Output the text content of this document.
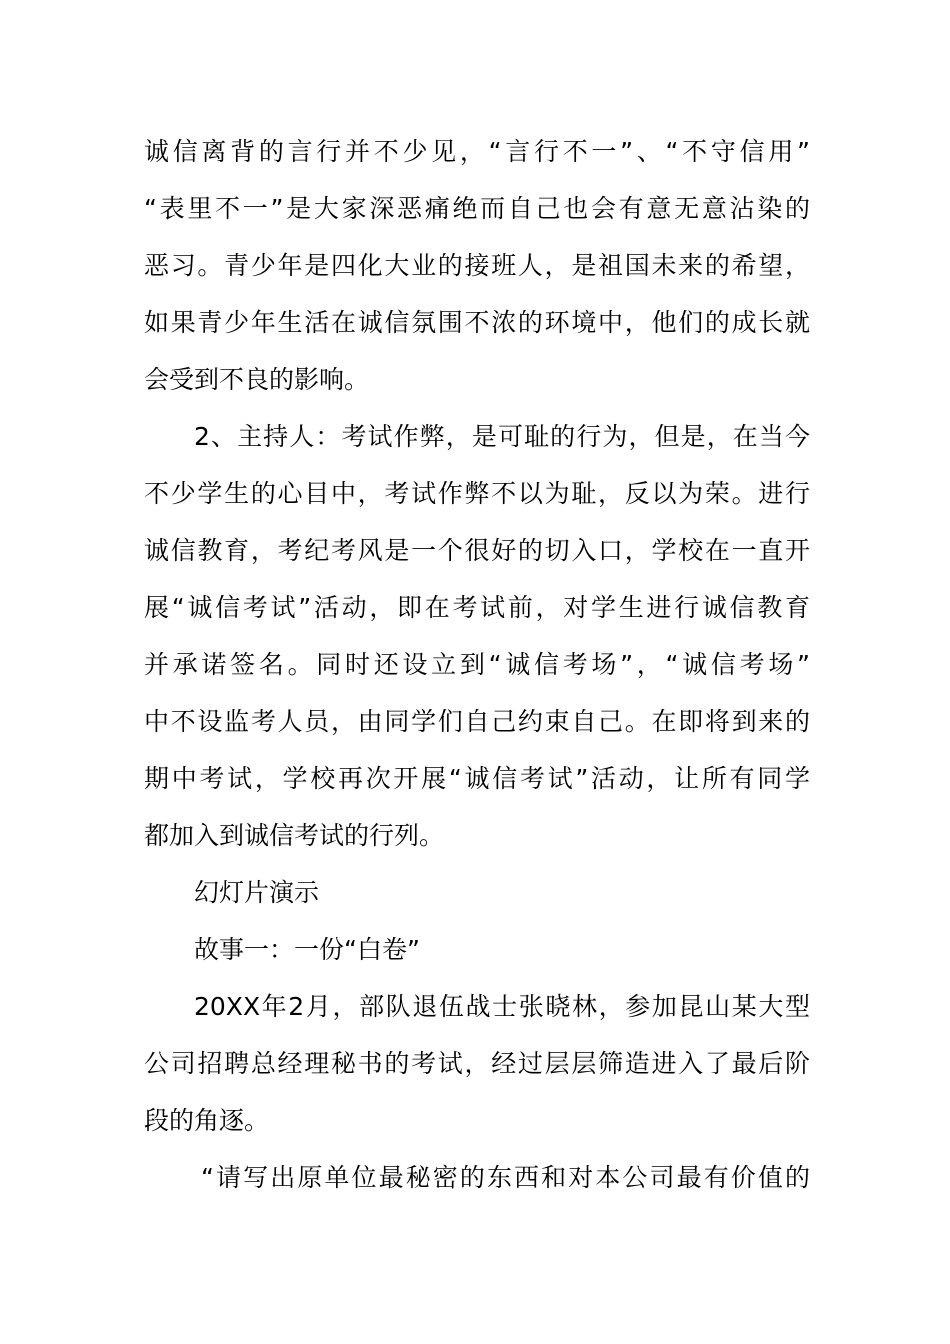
诚信离背的言行并不少见，“言行不一”、“不守信用”
“表里不一”是大家深恶痛绝而自己也会有意无意沾染的
恶习。青少年是四化大业的接班人，是祖国未来的希望，
如果青少年生活在诚信氛围不浓的环境中，他们的成长就
会受到不良的影响。
2、主持人：考试作弊，是可耻的行为，但是，在当今
不少学生的心目中，考试作弊不以为耻，反以为荣。进行
诚信教育，考纪考风是一个很好的切入口，学校在一直开
展“诚信考试”活动，即在考试前，对学生进行诚信教育
并承诺签名。同时还设立到“诚信考场”，“诚信考场”
中不设监考人员，由同学们自己约束自己。在即将到来的
期中考试，学校再次开展“诚信考试”活动，让所有同学
都加入到诚信考试的行列。
幻灯片演示
故事一：一份“白卷”
20XX年2月，部队退伍战士张晓林，参加昆山某大型
公司招聘总经理秘书的考试，经过层层筛造进入了最后阶
段的角逐。
“请写出原单位最秘密的东西和对本公司最有价值的
